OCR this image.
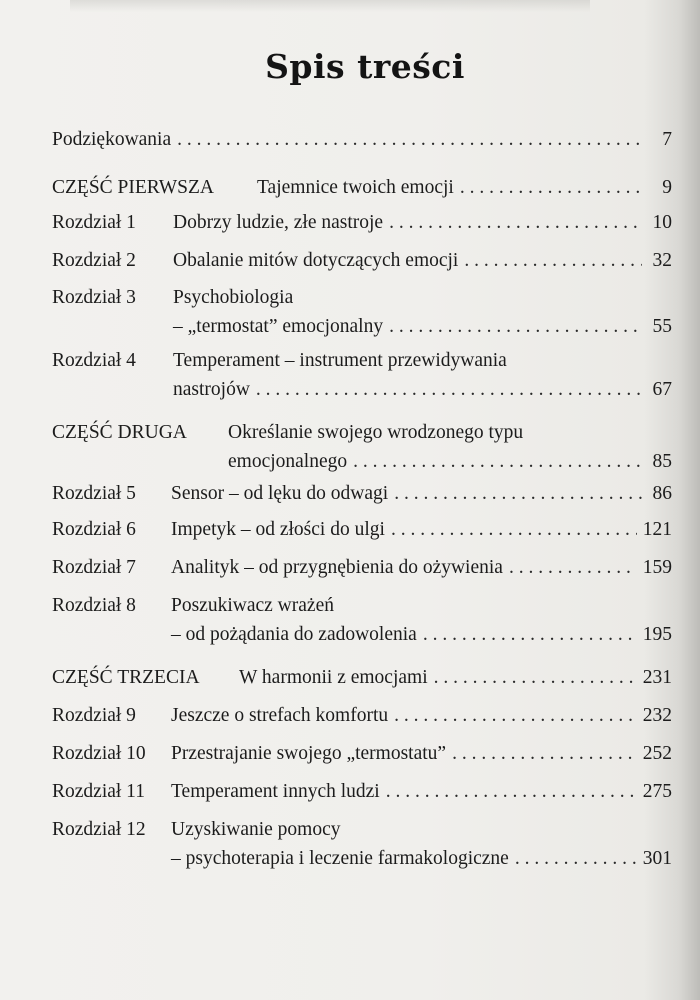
Spis treści
Podziękowania . . .	7
CZĘŚĆ PIERWSZA Tajemnice twoich emocji . . .	9
Rozdział 1 Dobrzy ludzie, złe nastroje . . .	10
Rozdział 2 Obalanie mitów dotyczących emocji . . .	32
Rozdział 3 Psychobiologia
– „termostat” emocjonalny . . .	55
Rozdział 4 Temperament – instrument przewidywania
nastrojów . . .	67
CZĘŚĆ DRUGA Określanie swojego wrodzonego typu
emocjonalnego . . .	85
Rozdział 5 Sensor – od lęku do odwagi . . .	86
Rozdział 6 Impetyk – od złości do ulgi . . .	121
Rozdział 7 Analityk – od przygnębienia do ożywienia . . .	159
Rozdział 8 Poszukiwacz wrażeń
– od pożądania do zadowolenia . . .	195
CZĘŚĆ TRZECIA W harmonii z emocjami . . .	231
Rozdział 9 Jeszcze o strefach komfortu . . .	232
Rozdział 10 Przestrajanie swojego „termostatu” . . .	252
Rozdział 11 Temperament innych ludzi . . .	275
Rozdział 12 Uzyskiwanie pomocy
– psychoterapia i leczenie farmakologiczne . . .	301
